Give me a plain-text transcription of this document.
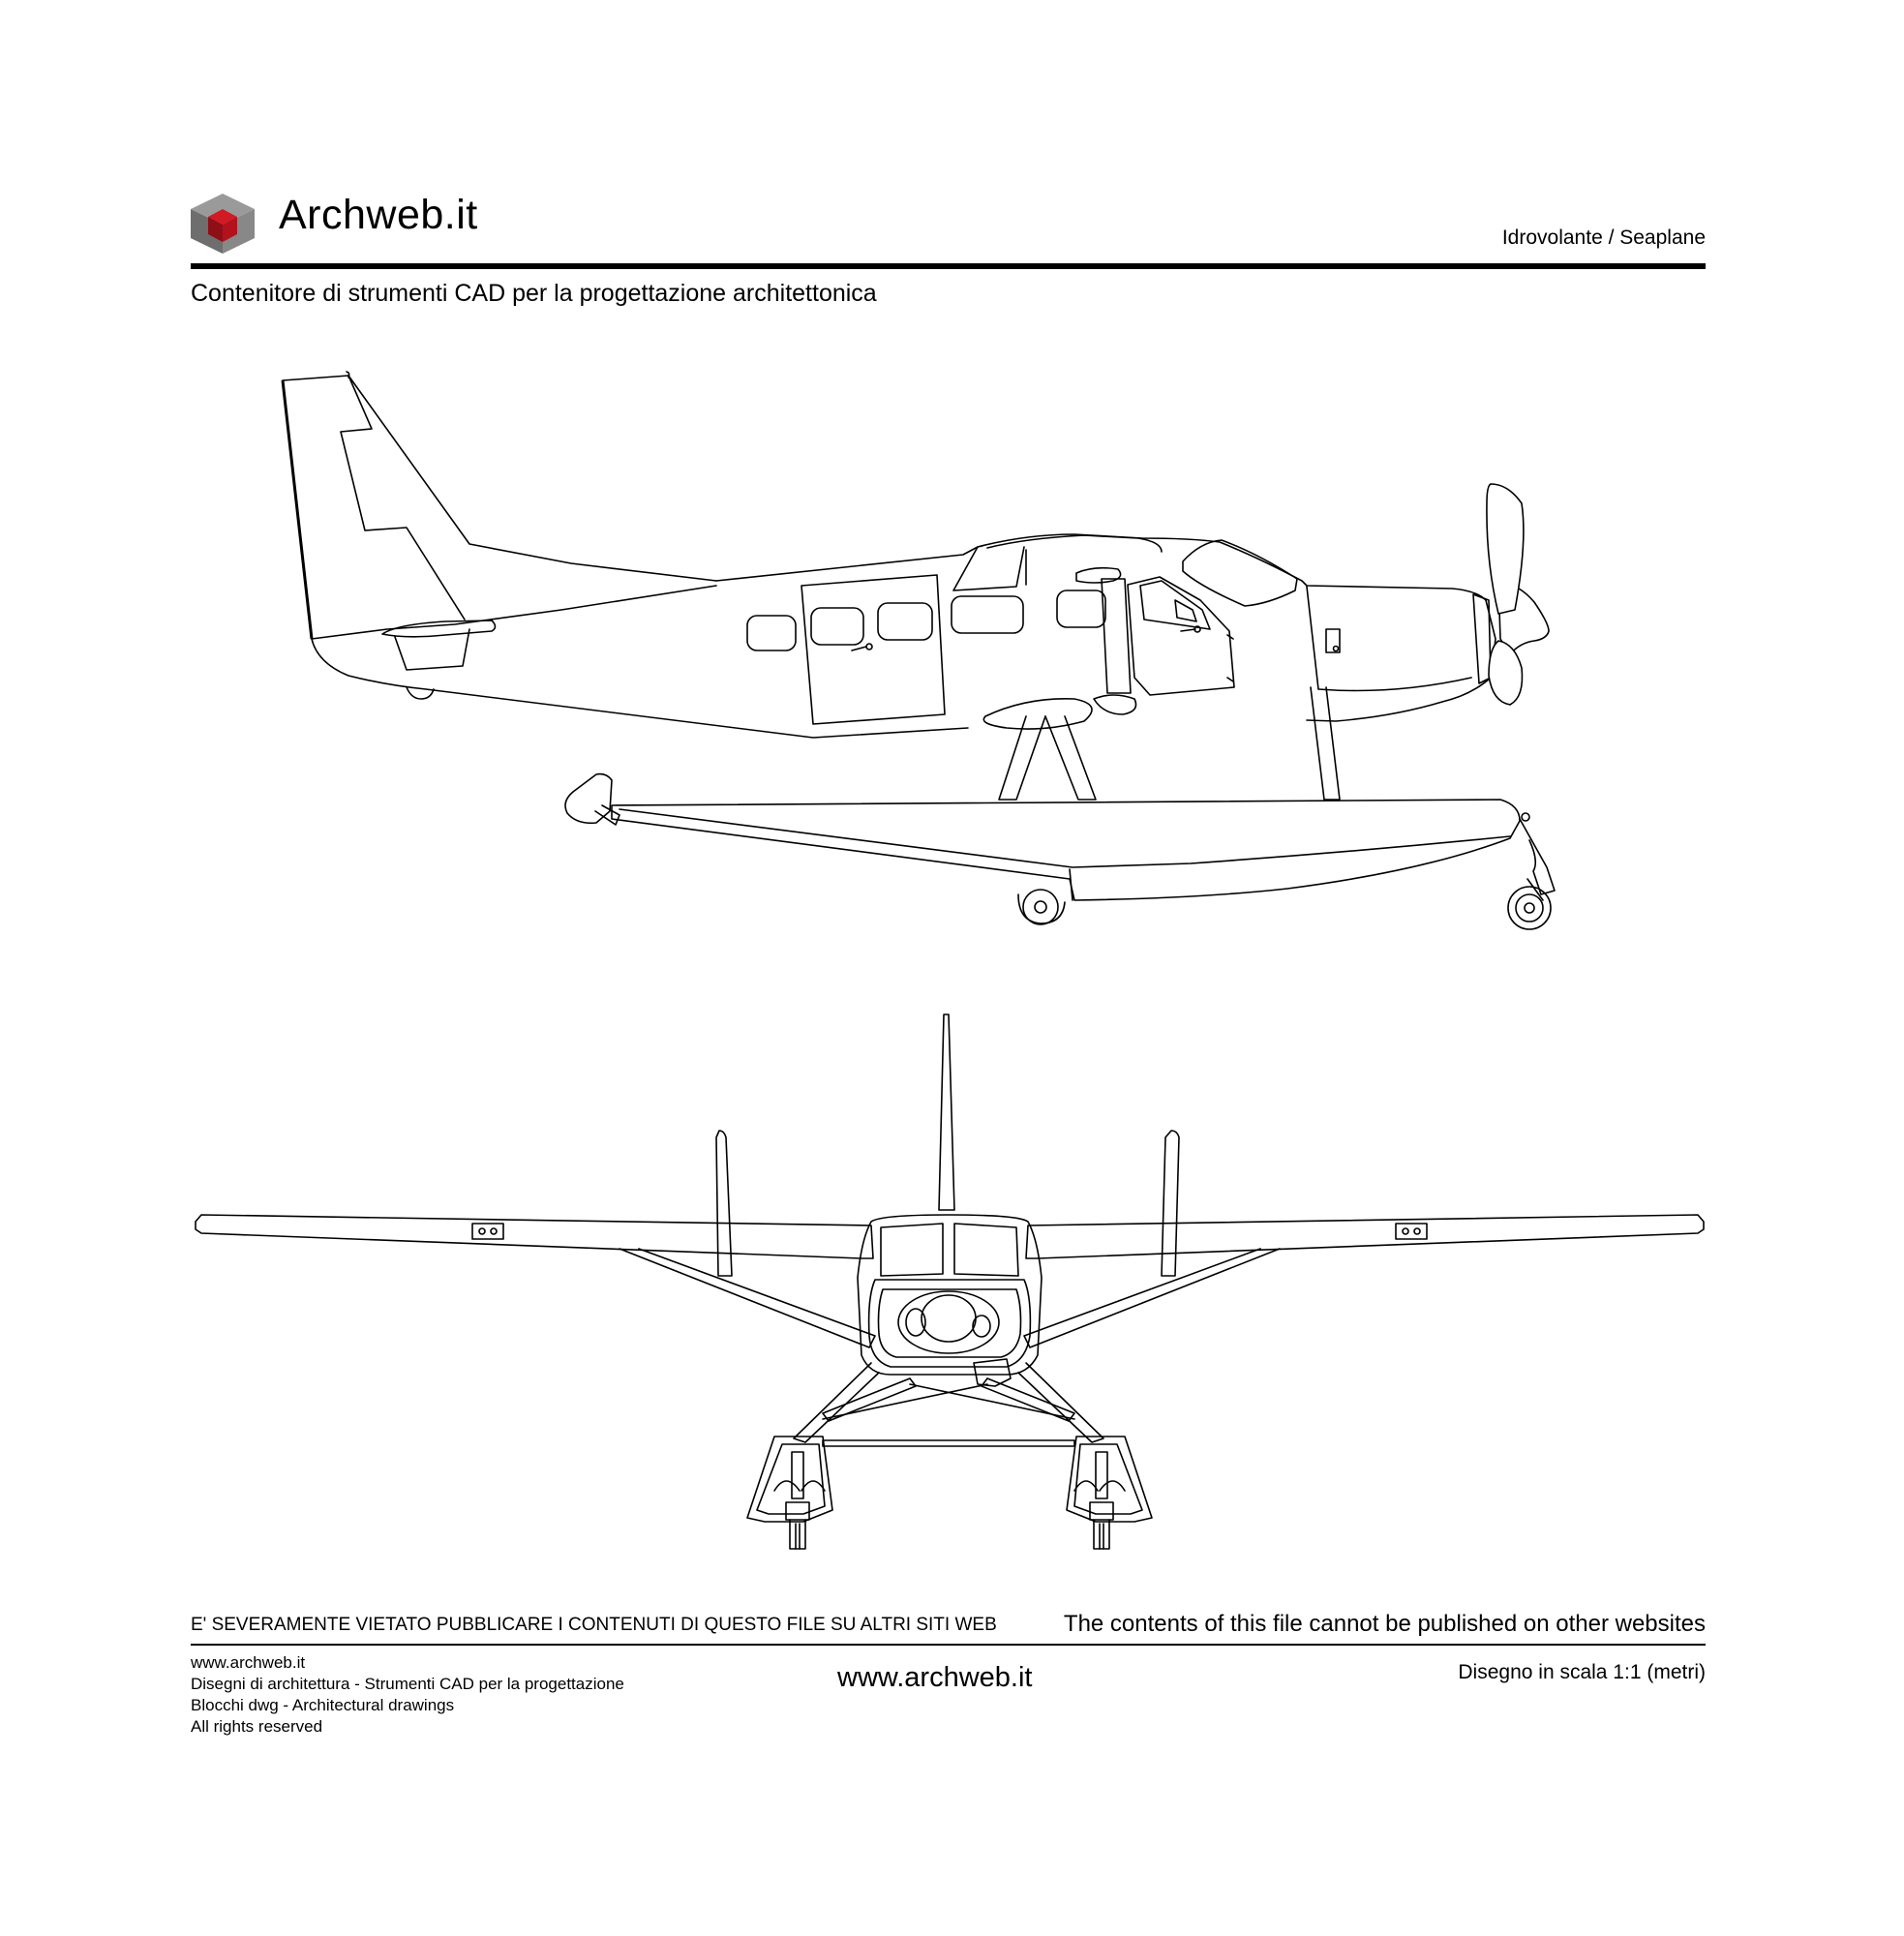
Archweb.it	Idrovolante / Seaplane
Contenitore di strumenti CAD per la progettazione architettonica
E' SEVERAMENTE VIETATO PUBBLICARE I CONTENUTI DI QUESTO FILE SU ALTRI SITI WEB	The contents of this file cannot be published on other websites
www.archweb.it
Disegni di architettura - Strumenti CAD per la progettazione
Blocchi dwg - Architectural drawings
All rights reserved
www.archweb.it	Disegno in scala 1:1 (metri)
